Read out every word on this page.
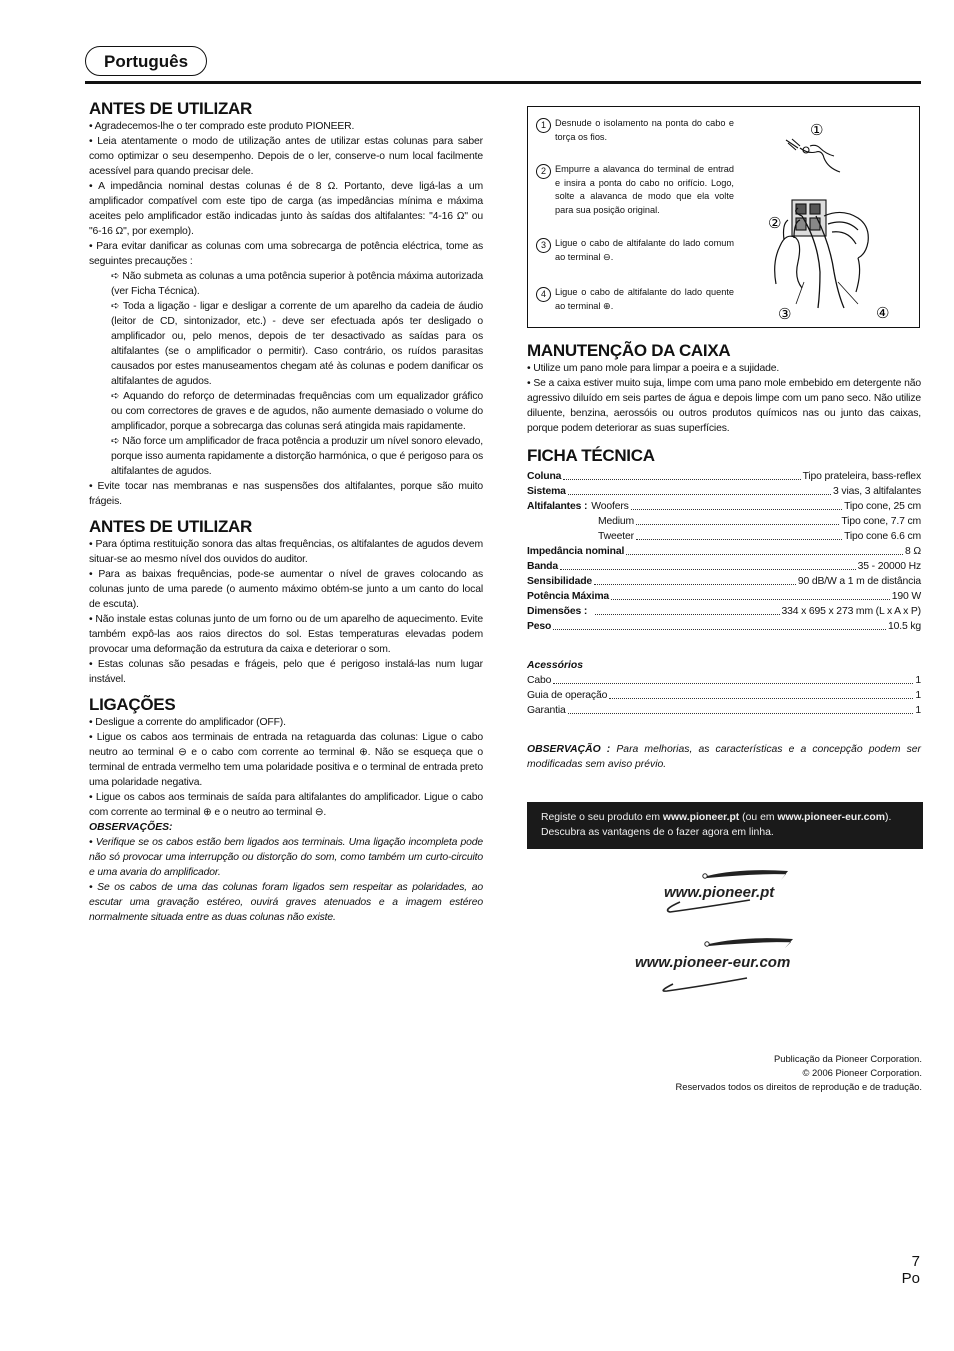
Português
ANTES DE UTILIZAR

• Agradecemos-lhe o ter comprado este produto PIONEER.

• Leia atentamente o modo de utilização antes de utilizar estas colunas para saber como optimizar o seu desempenho. Depois de o ler, conserve-o num local facilmente acessível para quando precisar dele.

• A impedância nominal destas colunas é de 8 Ω. Portanto, deve ligá-las a um amplificador compatível com este tipo de carga (as impedâncias mínima e máxima aceites pelo amplificador estão indicadas junto às saídas dos altifalantes: "4-16 Ω" ou "6-16 Ω", por exemplo).

• Para evitar danificar as colunas com uma sobrecarga de potência eléctrica, tome as seguintes precauções :

➪ Não submeta as colunas a uma potência superior à potência máxima autorizada (ver Ficha Técnica).

➪ Toda a ligação - ligar e desligar a corrente de um aparelho da cadeia de áudio (leitor de CD, sintonizador, etc.) - deve ser efectuada após ter desligado o amplificador ou, pelo menos, depois de ter desactivado as saídas para os altifalantes (se o amplificador o permitir). Caso contrário, os ruídos parasitas causados por estes manuseamentos chegam até às colunas e podem danificar os altifalantes de agudos.

➪ Aquando do reforço de determinadas frequências com um equalizador gráfico ou com correctores de graves e de agudos, não aumente demasiado o volume do amplificador, porque a sobrecarga das colunas será atingida mais rapidamente.

➪ Não force um amplificador de fraca potência a produzir um nível sonoro elevado, porque isso aumenta rapidamente a distorção harmónica, o que é perigoso para os altifalantes de agudos.

• Evite tocar nas membranas e nas suspensões dos altifalantes, porque são muito frágeis.

ANTES DE UTILIZAR

• Para óptima restituição sonora das altas frequências, os altifalantes de agudos devem situar-se ao mesmo nível dos ouvidos do auditor.

• Para as baixas frequências, pode-se aumentar o nível de graves colocando as colunas junto de uma parede (o aumento máximo obtém-se junto a um canto do local de escuta).

• Não instale estas colunas junto de um forno ou de um aparelho de aquecimento. Evite também expô-las aos raios directos do sol. Estas temperaturas elevadas podem provocar uma deformação da estrutura da caixa e deteriorar o som.

• Estas colunas são pesadas e frágeis, pelo que é perigoso instalá-las num lugar instável.

LIGAÇÕES

• Desligue a corrente do amplificador (OFF).

• Ligue os cabos aos terminais de entrada na retaguarda das colunas: Ligue o cabo neutro ao terminal ⊖ e o cabo com corrente ao terminal ⊕. Não se esqueça que o terminal de entrada vermelho tem uma polaridade positiva e o terminal de entrada preto uma polaridade negativa.

• Ligue os cabos aos terminais de saída para altifalantes do amplificador. Ligue o cabo com corrente ao terminal ⊕ e o neutro ao terminal ⊖.

OBSERVAÇÕES:

• Verifique se os cabos estão bem ligados aos terminais. Uma ligação incompleta pode não só provocar uma interrupção ou distorção do som, como também um curto-circuito e uma avaria do amplificador.

• Se os cabos de uma das colunas foram ligados sem respeitar as polaridades, ao escutar uma gravação estéreo, ouvirá graves atenuados e a imagem estéreo normalmente situada entre as duas colunas não existe.

1 Desnude o isolamento na ponta do cabo e torça os fios.
2 Empurre a alavanca do terminal de entrad e insira a ponta do cabo no orifício. Logo, solte a alavanca de modo que ela volte para sua posição original.
3 Ligue o cabo de altifalante do lado comum ao terminal ⊖.
4 Ligue o cabo de altifalante do lado quente ao terminal ⊕.
①
②
③	④
MANUTENÇÃO DA CAIXA

• Utilize um pano mole para limpar a poeira e a sujidade.

• Se a caixa estiver muito suja, limpe com uma pano mole embebido em detergente não agressivo diluído em seis partes de água e depois limpe com um pano seco. Não utilize diluente, benzina, aerossóis ou outros produtos químicos nas ou junto das caixas, porque podem deteriorar as suas superfícies.

FICHA TÉCNICA
Coluna	Tipo prateleira, bass-reflex
Sistema	3 vias, 3 altifalantes
Altifalantes : Woofers	Tipo cone, 25 cm
Medium	Tipo cone, 7.7 cm
Tweeter	Tipo cone 6.6 cm
Impedância nominal	8 Ω
Banda	35 - 20000 Hz
Sensibilidade	90 dB/W a 1 m de distância
Potência Máxima	190 W
Dimensões :	334 x 695 x 273 mm (L x A x P)
Peso	10.5 kg

Acessórios

Cabo	1
Guia de operação	1
Garantia	1

OBSERVAÇÃO : Para melhorias, as características e a concepção podem ser modificadas sem aviso prévio.

Registe o seu produto em www.pioneer.pt (ou em www.pioneer-eur.com).
Descubra as vantagens de o fazer agora em linha.
www.pioneer.pt
www.pioneer-eur.com
Publicação da Pioneer Corporation.
© 2006 Pioneer Corporation.
Reservados todos os direitos de reprodução e de tradução.
7
Po
